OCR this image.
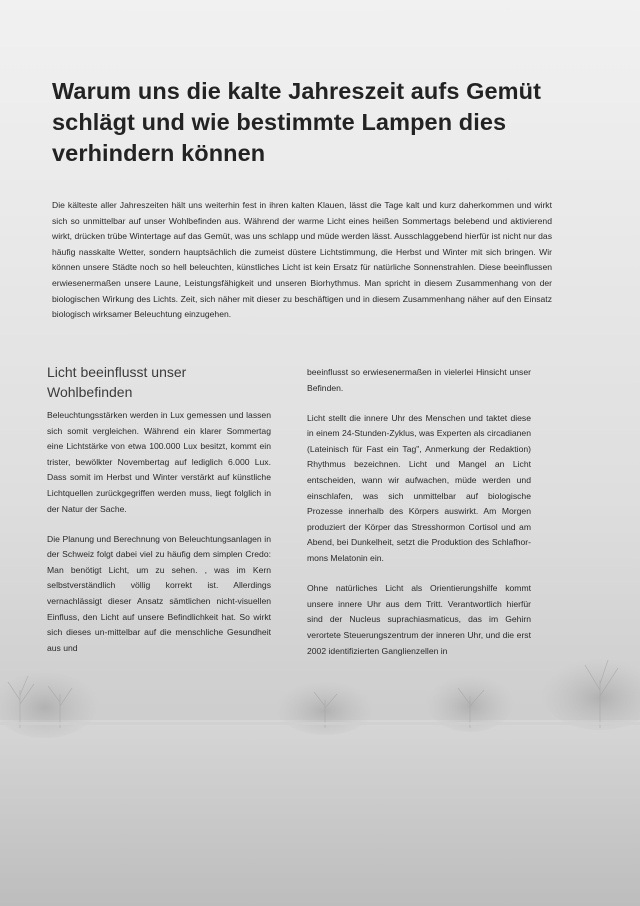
Warum uns die kalte Jahreszeit aufs Gemüt schlägt und wie bestimmte Lampen dies verhindern können

Die kälteste aller Jahreszeiten hält uns weiterhin fest in ihren kalten Klauen, lässt die Tage kalt und kurz daherkommen und wirkt sich so unmittelbar auf unser Wohlbefinden aus. Während der warme Licht eines heißen Sommertags belebend und aktivierend wirkt, drücken trübe Wintertage auf das Gemüt, was uns schlapp und müde werden lässt. Ausschlaggebend hierfür ist nicht nur das häufig nasskalte Wetter, sondern hauptsächlich die zumeist düstere Lichtstimmung, die Herbst und Winter mit sich bringen. Wir können unsere Städte noch so hell beleuchten, künstliches Licht ist kein Ersatz für natürliche Sonnenstrahlen. Diese beeinflussen erwiesenermaßen unsere Laune, Leistungsfähigkeit und unseren Biorhythmus. Man spricht in diesem Zusammenhang von der biologischen Wirkung des Lichts. Zeit, sich näher mit dieser zu beschäftigen und in diesem Zusammenhang näher auf den Einsatz biologisch wirksamer Beleuchtung einzugehen.

Licht beeinflusst unser Wohlbefinden

Beleuchtungsstärken werden in Lux gemessen und lassen sich somit vergleichen. Während ein klarer Sommertag eine Lichtstärke von etwa 100.000 Lux besitzt, kommt ein trister, bewölkter Novembertag auf lediglich 6.000 Lux. Dass somit im Herbst und Winter verstärkt auf künstliche Lichtquellen zurückgegriffen werden muss, liegt folglich in der Natur der Sache.

Die Planung und Berechnung von Beleuchtungsanlagen in der Schweiz folgt dabei viel zu häufig dem simplen Credo: Man benötigt Licht, um zu sehen. , was im Kern selbstverständlich völlig korrekt ist. Allerdings vernachlässigt dieser Ansatz sämtlichen nicht-visuellen Einfluss, den Licht auf unsere Befindlichkeit hat. So wirkt sich dieses un-mittelbar auf die menschliche Gesundheit aus und

beeinflusst so erwiesenermaßen in vielerlei Hinsicht unser Befinden.

Licht stellt die innere Uhr des Menschen und taktet diese in einem 24-Stunden-Zyklus, was Experten als circadianen (Lateinisch für Fast ein Tag", Anmerkung der Redaktion) Rhythmus bezeichnen. Licht und Mangel an Licht entscheiden, wann wir aufwachen, müde werden und einschlafen, was sich unmittelbar auf biologische Prozesse innerhalb des Körpers auswirkt. Am Morgen produziert der Körper das Stresshormon Cortisol und am Abend, bei Dunkelheit, setzt die Produktion des Schlafhormons Melatonin ein.

Ohne natürliches Licht als Orientierungshilfe kommt unsere innere Uhr aus dem Tritt. Verantwortlich hierfür sind der Nucleus suprachiasmaticus, das im Gehirn verortete Steuerungszentrum der inneren Uhr, und die erst 2002 identifizierten Ganglienzellen in
